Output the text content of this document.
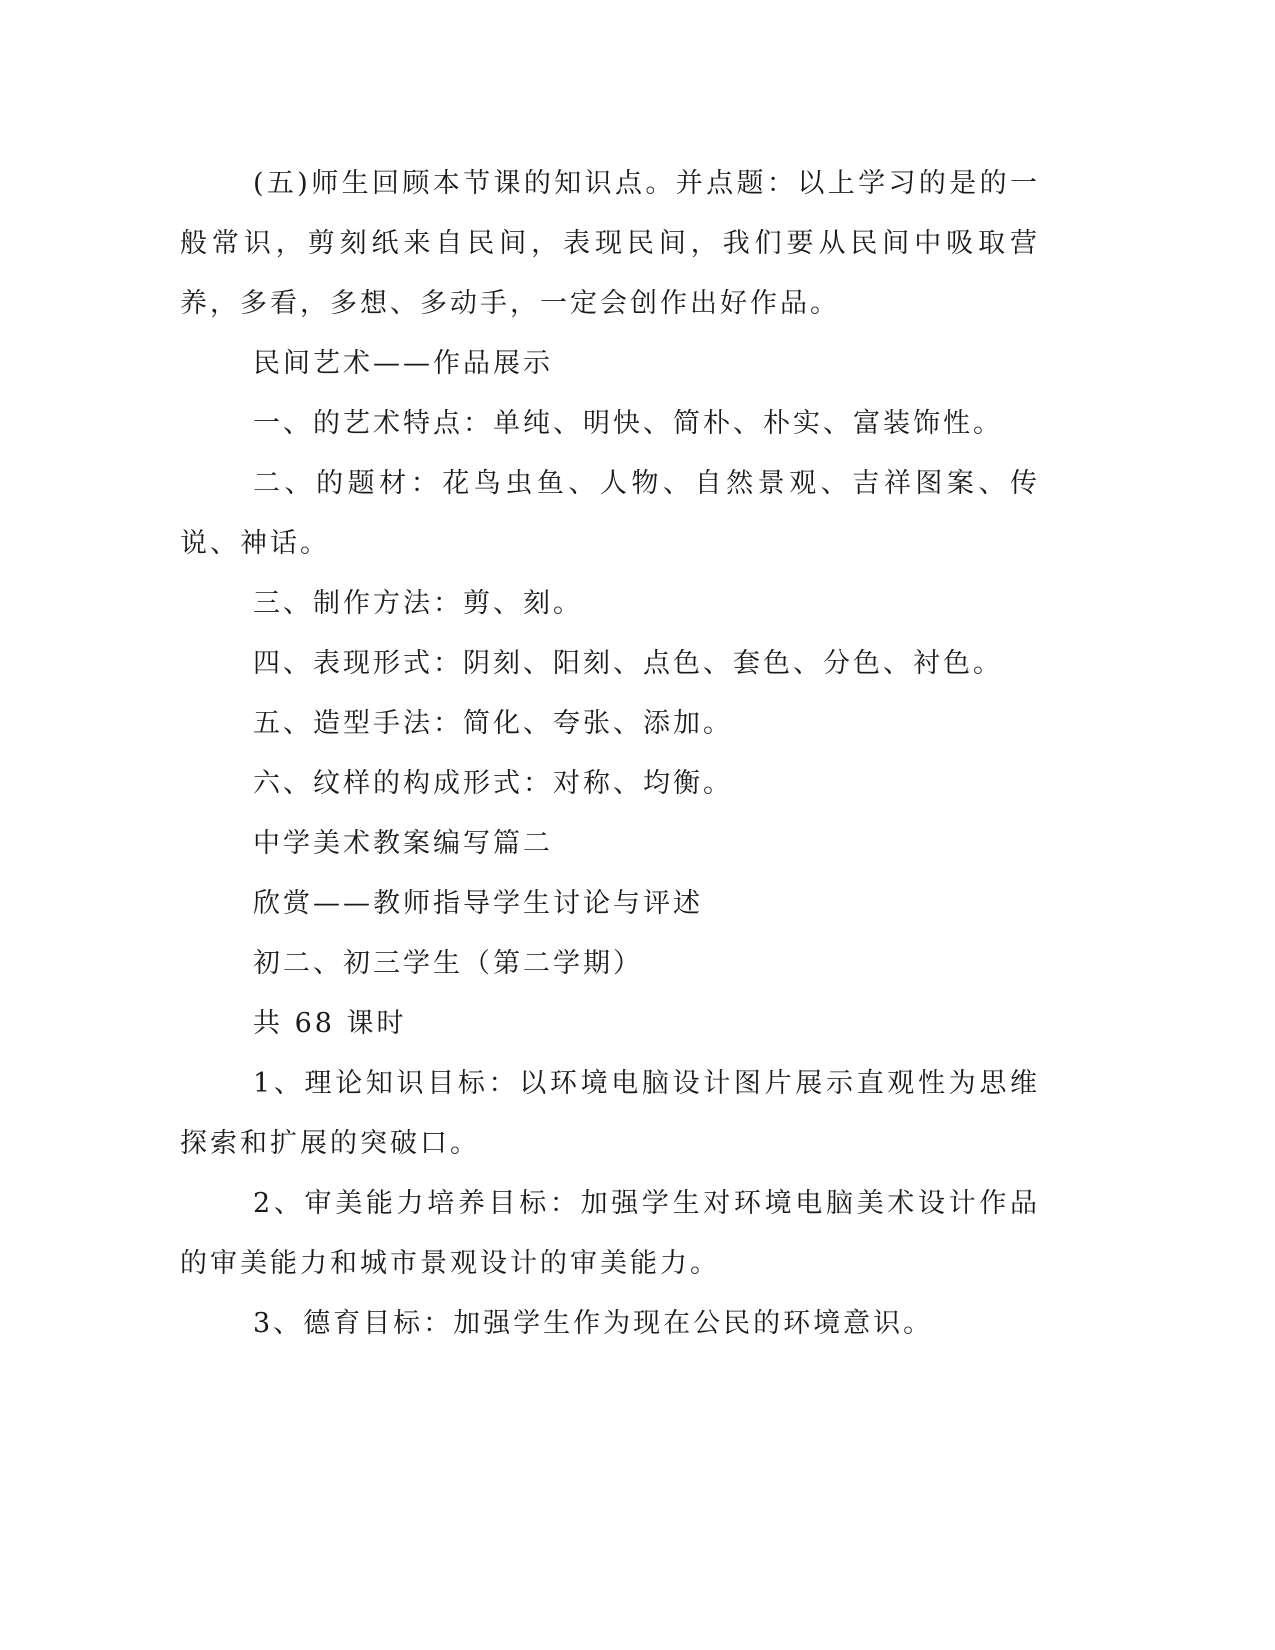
(五)师生回顾本节课的知识点。并点题：以上学习的是的一般常识，剪刻纸来自民间，表现民间，我们要从民间中吸取营养，多看，多想、多动手，一定会创作出好作品。

民间艺术——作品展示

一、的艺术特点：单纯、明快、简朴、朴实、富装饰性。

二、的题材：花鸟虫鱼、人物、自然景观、吉祥图案、传说、神话。

三、制作方法：剪、刻。

四、表现形式：阴刻、阳刻、点色、套色、分色、衬色。

五、造型手法：简化、夸张、添加。

六、纹样的构成形式：对称、均衡。

中学美术教案编写篇二

欣赏——教师指导学生讨论与评述

初二、初三学生（第二学期）

共 68 课时

1、理论知识目标：以环境电脑设计图片展示直观性为思维探索和扩展的突破口。

2、审美能力培养目标：加强学生对环境电脑美术设计作品的审美能力和城市景观设计的审美能力。

3、德育目标：加强学生作为现在公民的环境意识。
